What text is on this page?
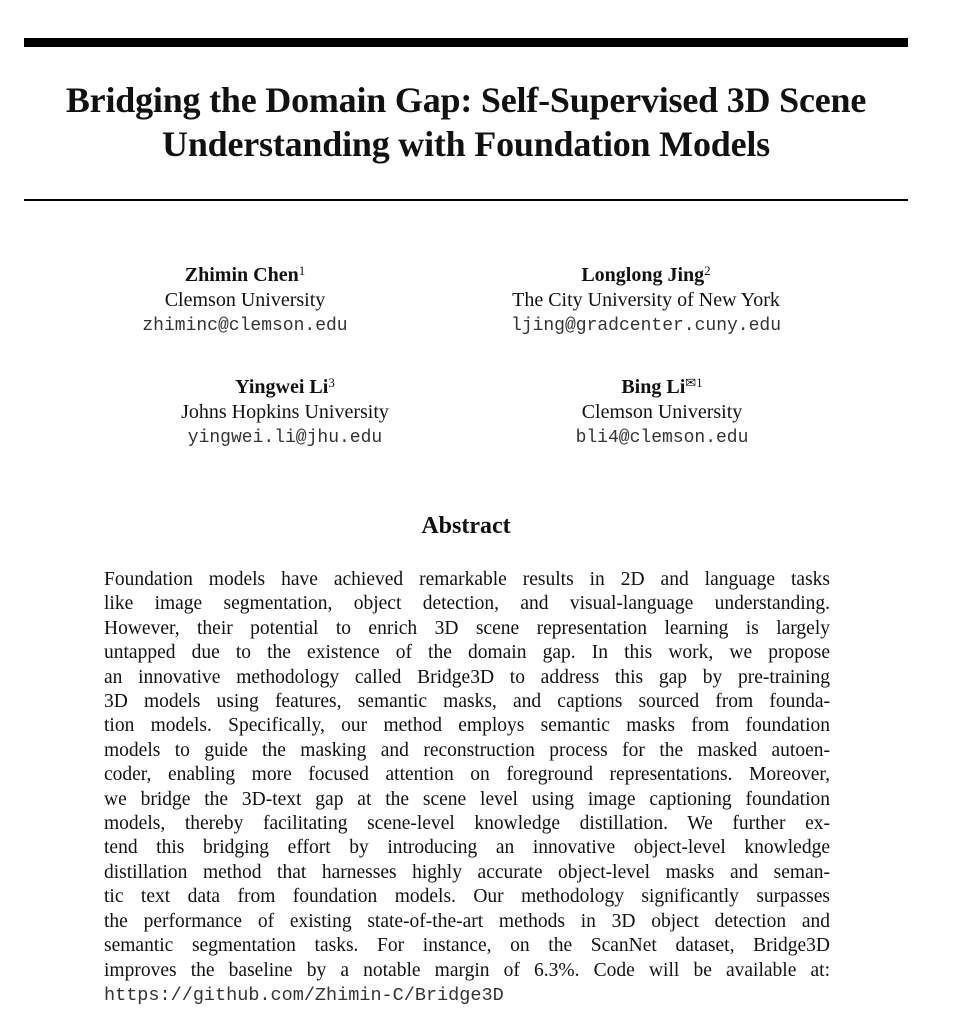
Bridging the Domain Gap: Self-Supervised 3D Scene
Understanding with Foundation Models
Zhimin Chen$^1$
Clemson University
zhiminc@clemson.edu
Longlong Jing$^2$
The City University of New York
ljing@gradcenter.cuny.edu
Yingwei Li$^3$
Johns Hopkins University
yingwei.li@jhu.edu
Bing $Li^{✉1}$
Clemson University
bli4@clemson.edu
Abstract
Foundation models have achieved remarkable results in 2D and language tasks
like image segmentation, object detection, and visual-language understanding.
However, their potential to enrich 3D scene representation learning is largely
untapped due to the existence of the domain gap. In this work, we propose
an innovative methodology called Bridge3D to address this gap by pre-training
3D models using features, semantic masks, and captions sourced from founda-
tion models. Specifically, our method employs semantic masks from foundation
models to guide the masking and reconstruction process for the masked autoen-
coder, enabling more focused attention on foreground representations. Moreover,
we bridge the 3D-text gap at the scene level using image captioning foundation
models, thereby facilitating scene-level knowledge distillation. We further ex-
tend this bridging effort by introducing an innovative object-level knowledge
distillation method that harnesses highly accurate object-level masks and seman-
tic text data from foundation models. Our methodology significantly surpasses
the performance of existing state-of-the-art methods in 3D object detection and
semantic segmentation tasks. For instance, on the ScanNet dataset, Bridge3D
improves the baseline by a notable margin of 6.3%. Code will be available at:
https://github.com/Zhimin-C/Bridge3D
